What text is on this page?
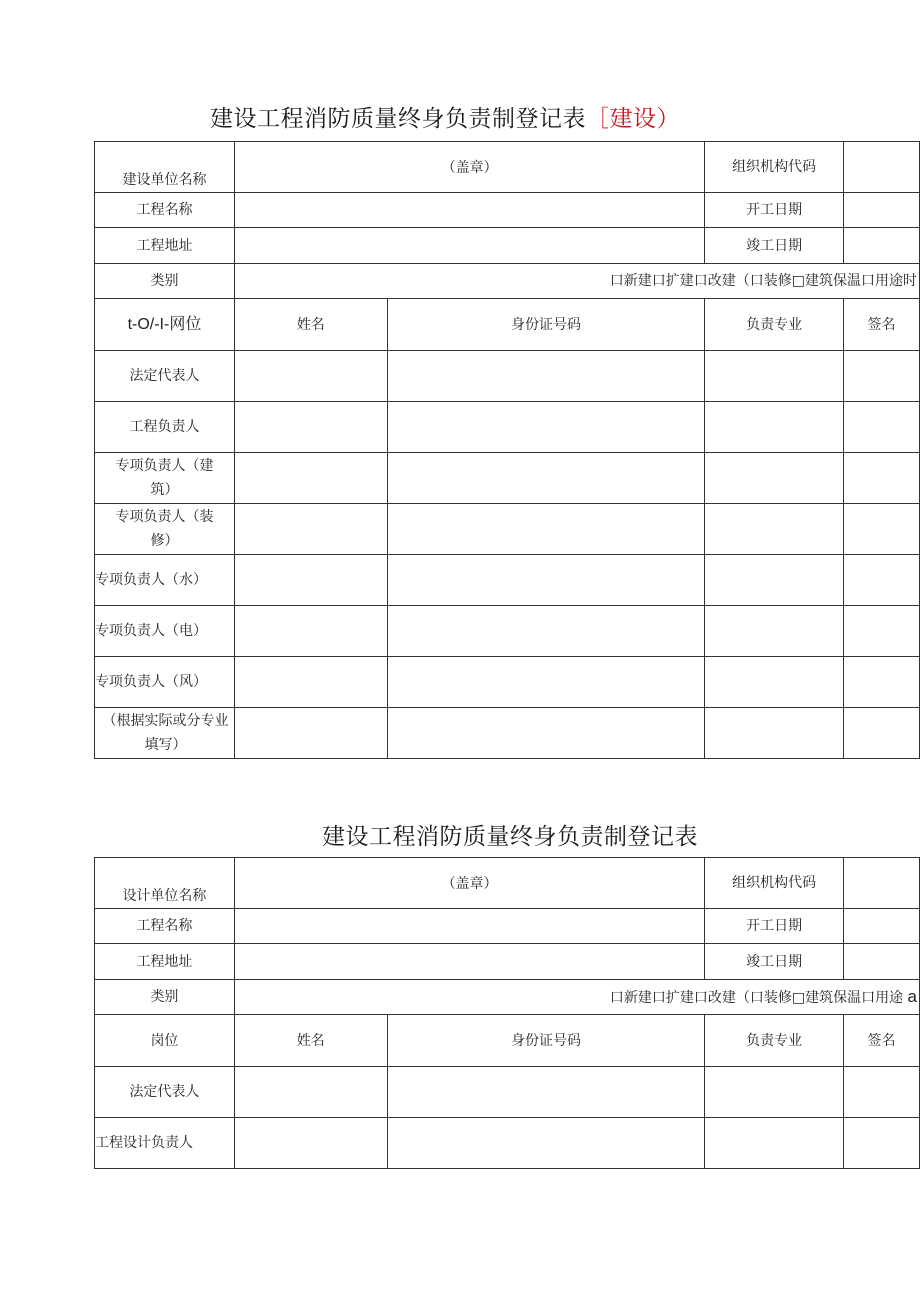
建设工程消防质量终身负责制登记表［建设）
建设单位名称	（盖章）		组织机构代码	
工程名称			开工日期	
工程地址			竣工日期	
类别	口新建口扩建口改建（口装修□建筑保温口用途时			
t-O/-I-网位	姓名	身份证号码	负责专业	签名
法定代表人				
工程负责人				
专项负责人（建筑）				
专项负责人（装修）				
专项负责人（水）				
专项负责人（电）				
专项负责人（风）				
（根据实际或分专业填写）				
建设工程消防质量终身负责制登记表
设计单位名称	（盖章）		组织机构代码	
工程名称			开工日期	
工程地址			竣工日期	
类别	口新建口扩建口改建（口装修□建筑保温口用途 a			
岗位	姓名	身份证号码	负责专业	签名
法定代表人				
工程设计负责人				
